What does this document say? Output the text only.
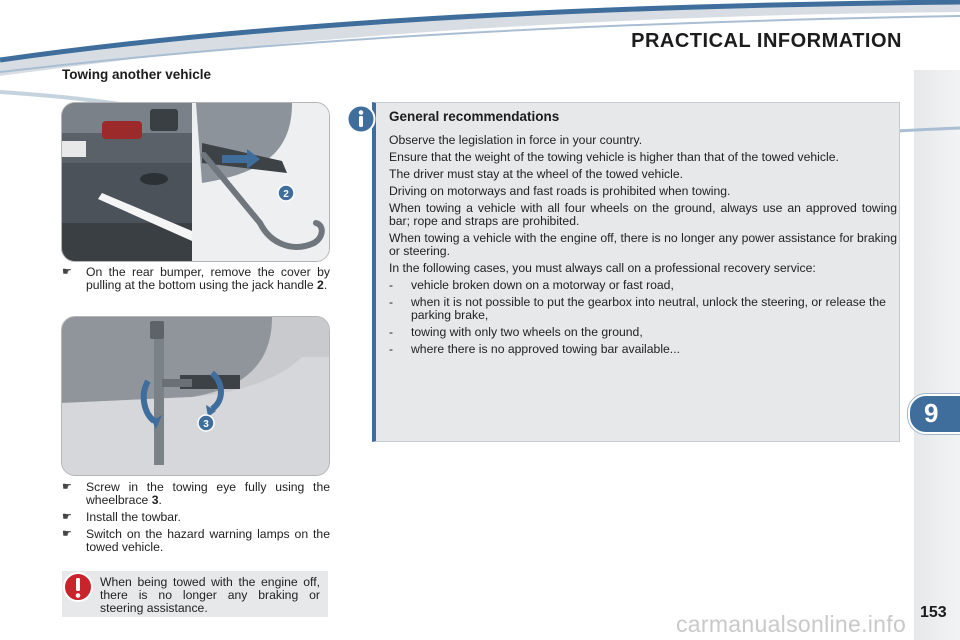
PRACTICAL INFORMATION
9
Towing another vehicle
2
☛ On the rear bumper, remove the cover by pulling at the bottom using the jack handle 2.
3
☛ Screw in the towing eye fully using the wheelbrace 3.
☛ Install the towbar.
☛ Switch on the hazard warning lamps on the towed vehicle.
When being towed with the engine off, there is no longer any braking or steering assistance.
General recommendations

Observe the legislation in force in your country.

Ensure that the weight of the towing vehicle is higher than that of the towed vehicle.

The driver must stay at the wheel of the towed vehicle.

Driving on motorways and fast roads is prohibited when towing.

When towing a vehicle with all four wheels on the ground, always use an approved towing bar; rope and straps are prohibited.

When towing a vehicle with the engine off, there is no longer any power assistance for braking or steering.

In the following cases, you must always call on a professional recovery service:

- vehicle broken down on a motorway or fast road,
- when it is not possible to put the gearbox into neutral, unlock the steering, or release the parking brake,
- towing with only two wheels on the ground,
- where there is no approved towing bar available...
153
carmanualsonline.info
